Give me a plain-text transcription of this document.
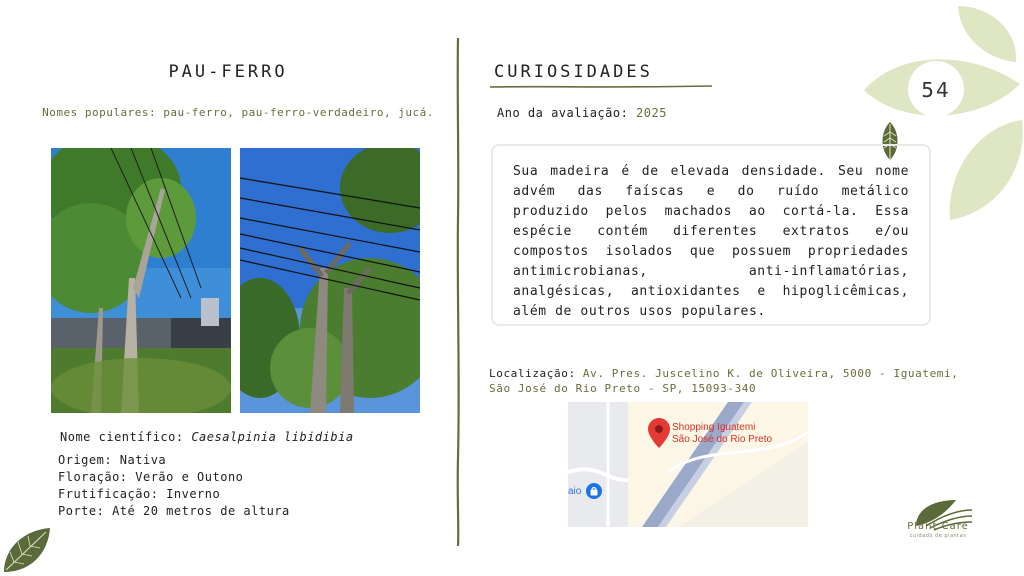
54
PAU-FERRO
Nomes populares: pau-ferro, pau-ferro-verdadeiro, jucá.
Nome científico: Caesalpinia libidibia
Origem: Nativa
Floração: Verão e Outono
Frutificação: Inverno
Porte: Até 20 metros de altura
CURIOSIDADES
Ano da avaliação: 2025

Sua madeira é de elevada densidade. Seu nome advém das faíscas e do ruído metálico produzido pelos machados ao cortá-la. Essa espécie contém diferentes extratos e/ou compostos isolados que possuem propriedades antimicrobianas, anti-inflamatórias, analgésicas, antioxidantes e hipoglicêmicas, além de outros usos populares.

Localização: Av. Pres. Juscelino K. de Oliveira, 5000 - Iguatemi, São José do Rio Preto - SP, 15093-340
Shopping Iguatemi
São José do Rio Preto
aio
Plant Care
cuidado de plantas
